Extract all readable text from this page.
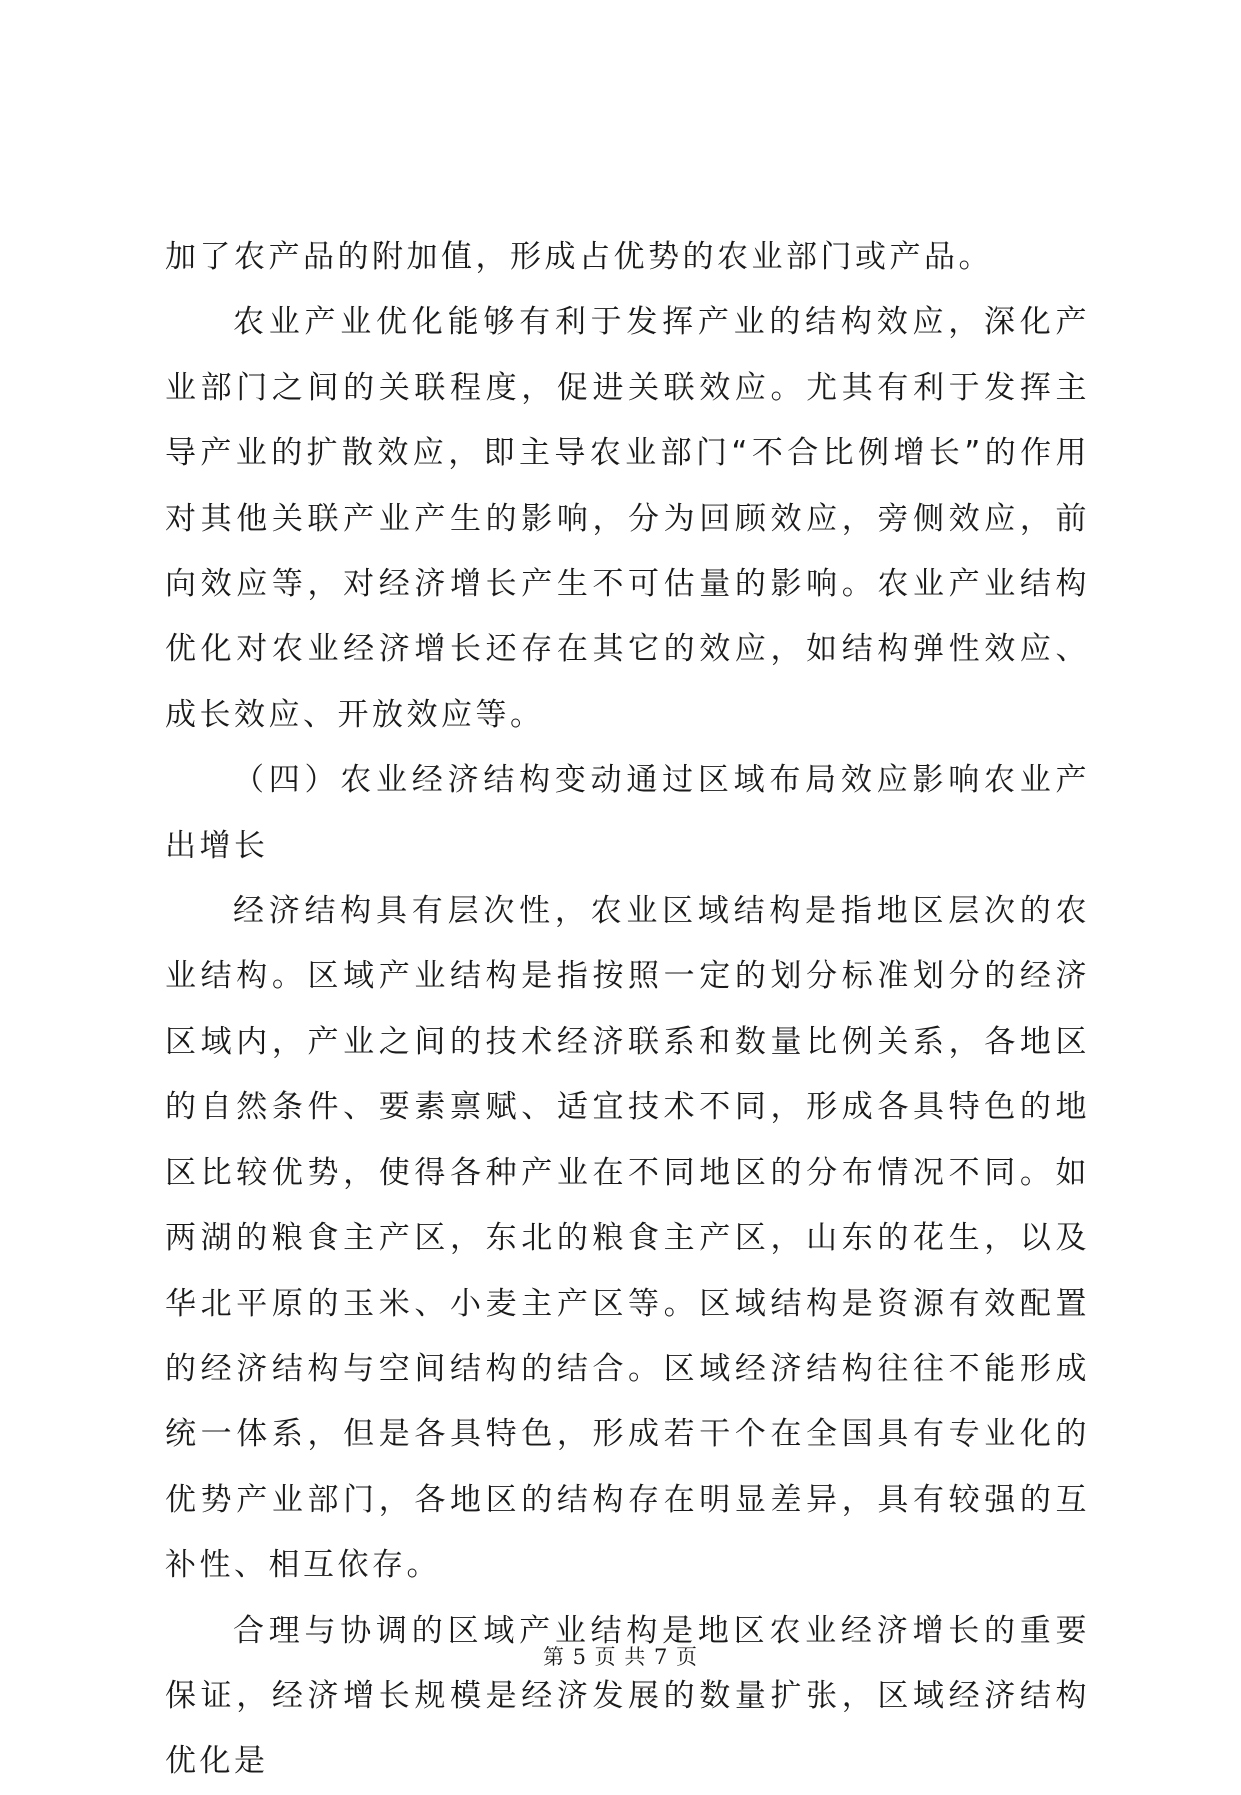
加了农产品的附加值，形成占优势的农业部门或产品。

农业产业优化能够有利于发挥产业的结构效应，深化产业部门之间的关联程度，促进关联效应。尤其有利于发挥主导产业的扩散效应，即主导农业部门“不合比例增长”的作用对其他关联产业产生的影响，分为回顾效应，旁侧效应，前向效应等，对经济增长产生不可估量的影响。农业产业结构优化对农业经济增长还存在其它的效应，如结构弹性效应、成长效应、开放效应等。

（四）农业经济结构变动通过区域布局效应影响农业产出增长

经济结构具有层次性，农业区域结构是指地区层次的农业结构。区域产业结构是指按照一定的划分标准划分的经济区域内，产业之间的技术经济联系和数量比例关系，各地区的自然条件、要素禀赋、适宜技术不同，形成各具特色的地区比较优势，使得各种产业在不同地区的分布情况不同。如两湖的粮食主产区，东北的粮食主产区，山东的花生，以及华北平原的玉米、小麦主产区等。区域结构是资源有效配置的经济结构与空间结构的结合。区域经济结构往往不能形成统一体系，但是各具特色，形成若干个在全国具有专业化的优势产业部门，各地区的结构存在明显差异，具有较强的互补性、相互依存。

合理与协调的区域产业结构是地区农业经济增长的重要保证，经济增长规模是经济发展的数量扩张，区域经济结构优化是

第 5 页 共 7 页
